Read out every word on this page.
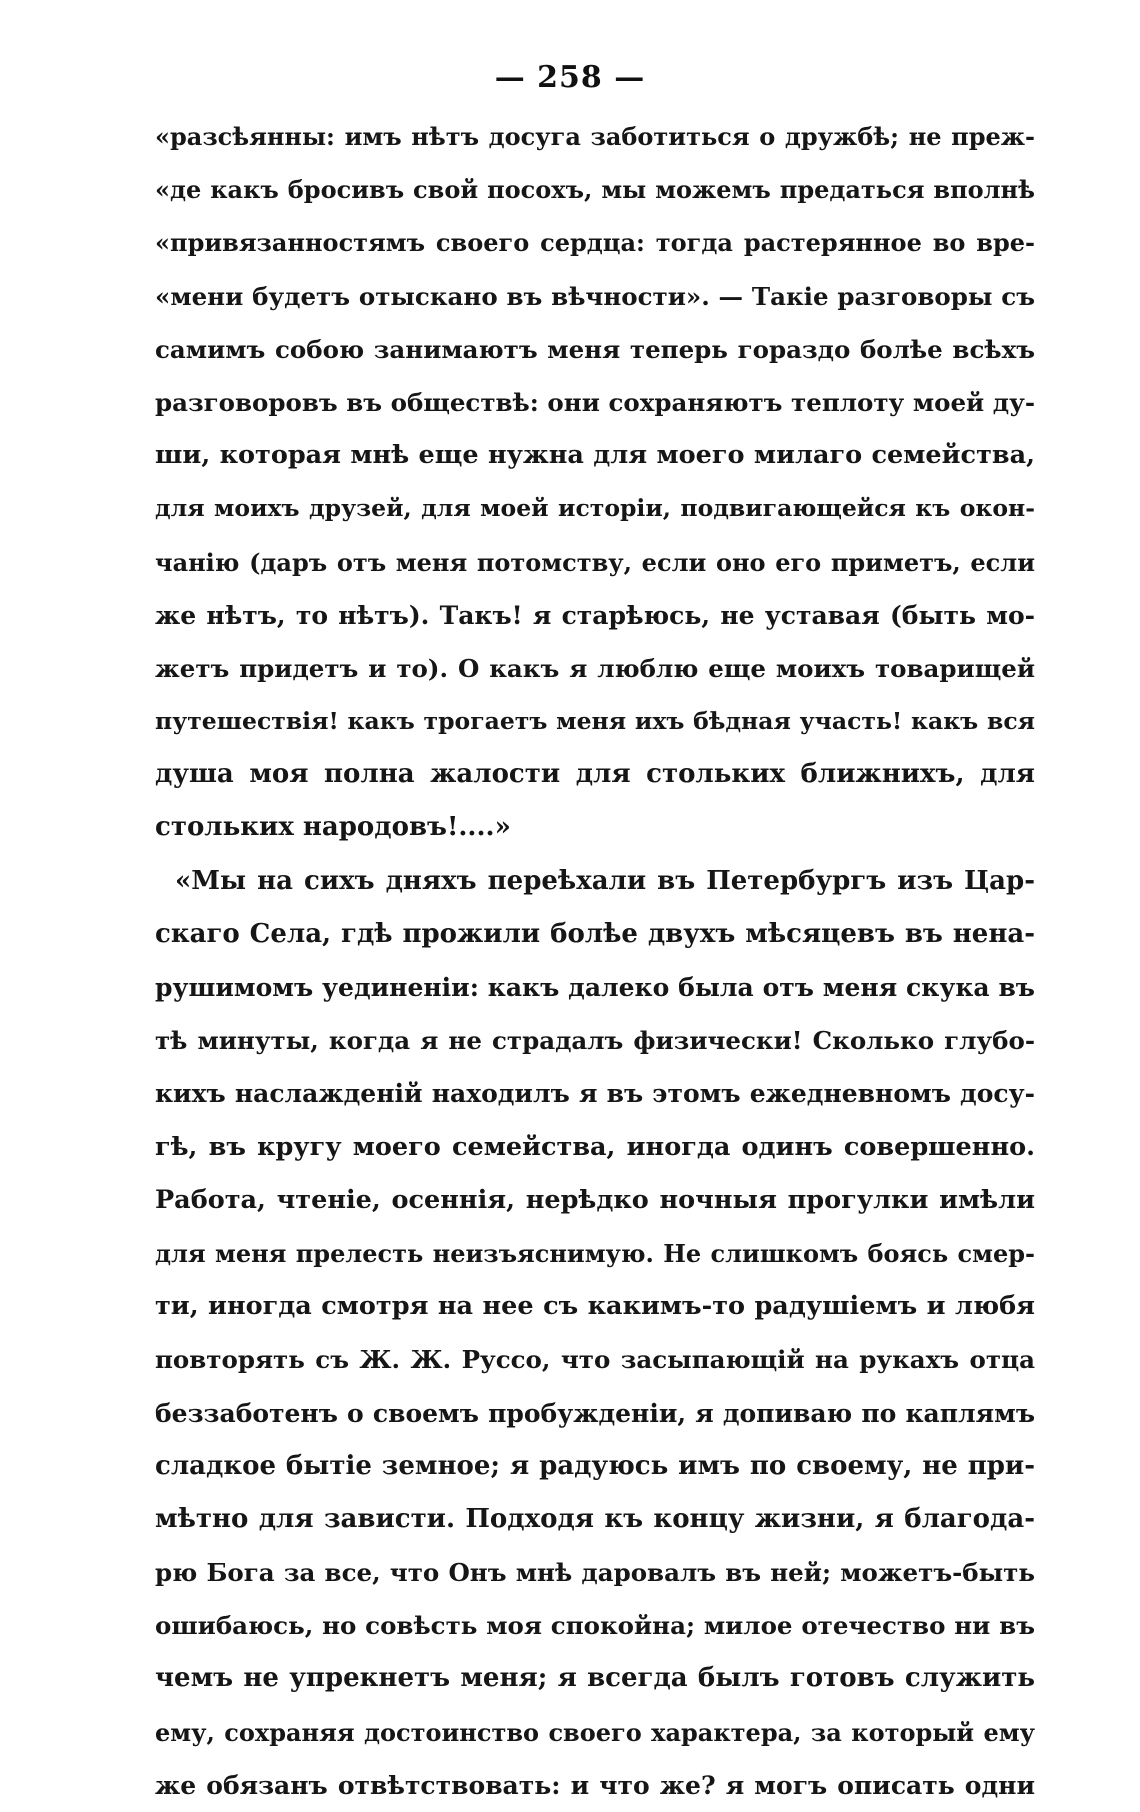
— 258 —
«разсѣянны: имъ нѣтъ досуга заботиться о дружбѣ; не преж-
«де какъ бросивъ свой посохъ, мы можемъ предаться вполнѣ
«привязанностямъ своего сердца: тогда растерянное во вре-
«мени будетъ отыскано въ вѣчности». — Такіе разговоры съ
самимъ собою занимаютъ меня теперь гораздо болѣе всѣхъ
разговоровъ въ обществѣ: они сохраняютъ теплоту моей ду-
ши, которая мнѣ еще нужна для моего милаго семейства,
для моихъ друзей, для моей исторіи, подвигающейся къ окон-
чанію (даръ отъ меня потомству, если оно его приметъ, если
же нѣтъ, то нѣтъ). Такъ! я старѣюсь, не уставая (быть мо-
жетъ придетъ и то). О какъ я люблю еще моихъ товарищей
путешествія! какъ трогаетъ меня ихъ бѣдная участь! какъ вся
душа моя полна жалости для стольких ближнихъ, для
стольких народовъ!....»
«Мы на сихъ дняхъ переѣхали въ Петербургъ изъ Цар-
скаго Села, гдѣ прожили болѣе двухъ мѣсяцевъ въ нена-
рушимомъ уединеніи: какъ далеко была отъ меня скука въ
тѣ минуты, когда я не страдалъ физически! Сколько глубо-
кихъ наслажденій находилъ я въ этомъ ежедневномъ досу-
гѣ, въ кругу моего семейства, иногда одинъ совершенно.
Работа, чтеніе, осеннія, нерѣдко ночныя прогулки имѣли
для меня прелесть неизъяснимую. Не слишкомъ боясь смер-
ти, иногда смотря на нее съ какимъ-то радушіемъ и любя
повторять съ Ж. Ж. Руссо, что засыпающій на рукахъ отца
беззаботенъ о своемъ пробужденіи, я допиваю по каплямъ
сладкое бытіе земное; я радуюсь имъ по своему, не при-
мѣтно для зависти. Подходя къ концу жизни, я благода-
рю Бога за все, что Онъ мнѣ даровалъ въ ней; можетъ-быть
ошибаюсь, но совѣсть моя спокойна; милое отечество ни въ
чемъ не упрекнетъ меня; я всегда былъ готовъ служить
ему, сохраняя достоинство своего характера, за который ему
же обязанъ отвѣтствовать: и что же? я могъ описать одни
